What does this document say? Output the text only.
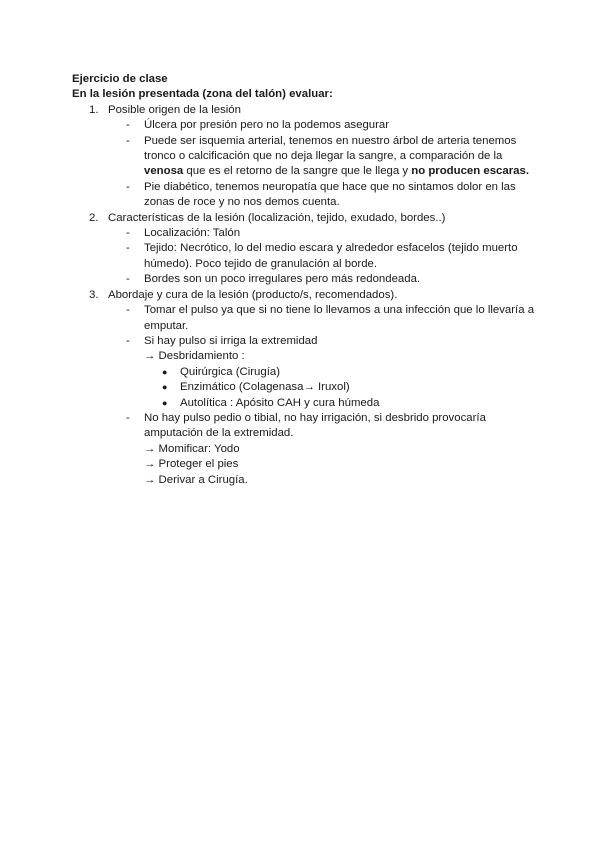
Ejercicio de clase
En la lesión presentada (zona del talón) evaluar:
1. Posible origen de la lesión
- Úlcera por presión pero no la podemos asegurar
- Puede ser isquemia arterial, tenemos en nuestro árbol de arteria tenemos tronco o calcificación que no deja llegar la sangre, a comparación de la venosa que es el retorno de la sangre que le llega y no producen escaras.
- Pie diabético, tenemos neuropatía que hace que no sintamos dolor en las zonas de roce y no nos demos cuenta.
2. Características de la lesión (localización, tejido, exudado, bordes..)
- Localización: Talón
- Tejido: Necrótico, lo del medio escara y alrededor esfacelos (tejido muerto húmedo). Poco tejido de granulación al borde.
- Bordes son un poco irregulares pero más redondeada.
3. Abordaje y cura de la lesión (producto/s, recomendados).
- Tomar el pulso ya que si no tiene lo llevamos a una infección que lo llevaría a emputar.
- Si hay pulso si irriga la extremidad
→ Desbridamiento :
● Quirúrgica (Cirugía)
● Enzimático (Colagenasa→ Iruxol)
● Autolítica : Apósito CAH y cura húmeda
- No hay pulso pedio o tibial, no hay irrigación, si desbrido provocaría amputación de la extremidad.
→ Momificar: Yodo
→ Proteger el pies
→ Derivar a Cirugía.
